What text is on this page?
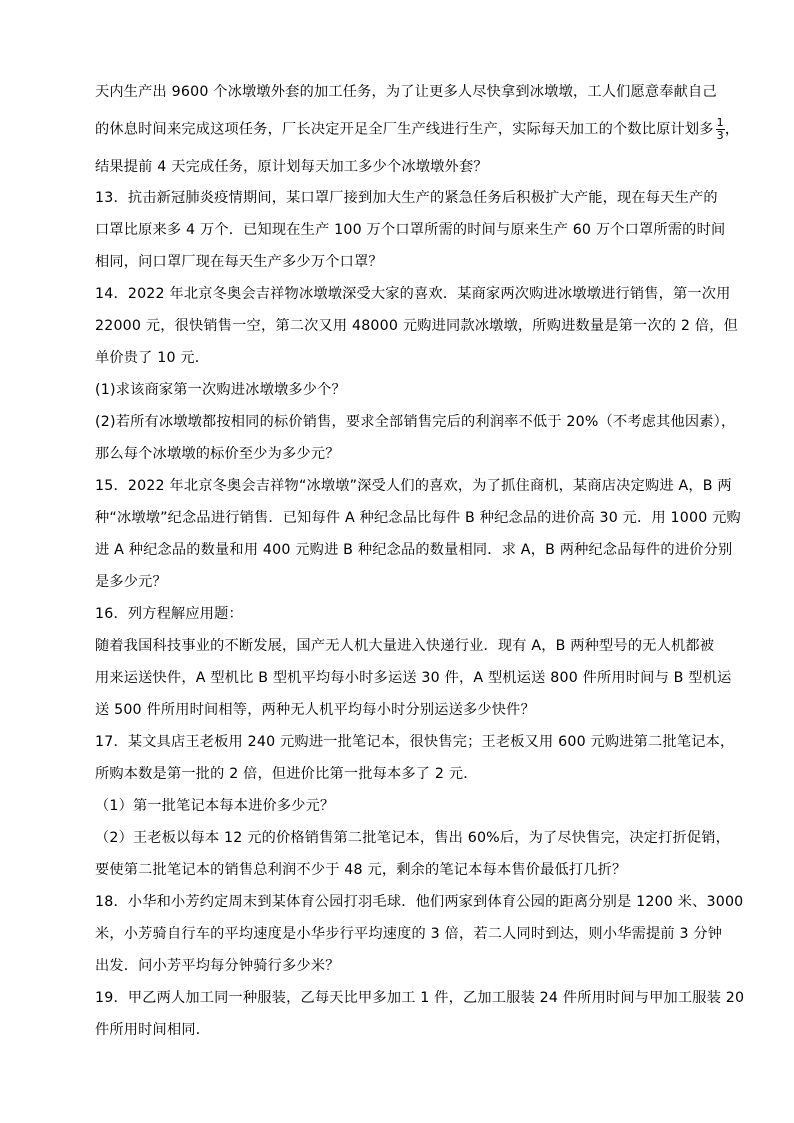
天内生产出 9600 个冰墩墩外套的加工任务，为了让更多人尽快拿到冰墩墩，工人们愿意奉献自己
的休息时间来完成这项任务，厂长决定开足全厂生产线进行生产，实际每天加工的个数比原计划多 $\frac{1}{3}$ ，
结果提前 4 天完成任务，原计划每天加工多少个冰墩墩外套？
13．抗击新冠肺炎疫情期间，某口罩厂接到加大生产的紧急任务后积极扩大产能，现在每天生产的
口罩比原来多 4 万个．已知现在生产 100 万个口罩所需的时间与原来生产 60 万个口罩所需的时间
相同，问口罩厂现在每天生产多少万个口罩？
14．2022 年北京冬奥会吉祥物冰墩墩深受大家的喜欢．某商家两次购进冰墩墩进行销售，第一次用
22000 元，很快销售一空，第二次又用 48000 元购进同款冰墩墩，所购进数量是第一次的 2 倍，但
单价贵了 10 元．
(1)求该商家第一次购进冰墩墩多少个？
(2)若所有冰墩墩都按相同的标价销售，要求全部销售完后的利润率不低于 20%（不考虑其他因素），
那么每个冰墩墩的标价至少为多少元？
15．2022 年北京冬奥会吉祥物“冰墩墩”深受人们的喜欢，为了抓住商机，某商店决定购进 A，B 两
种“冰墩墩”纪念品进行销售．已知每件 A 种纪念品比每件 B 种纪念品的进价高 30 元．用 1000 元购
进 A 种纪念品的数量和用 400 元购进 B 种纪念品的数量相同．求 A，B 两种纪念品每件的进价分别
是多少元？
16．列方程解应用题：
随着我国科技事业的不断发展，国产无人机大量进入快递行业．现有 A，B 两种型号的无人机都被
用来运送快件，A 型机比 B 型机平均每小时多运送 30 件，A 型机运送 800 件所用时间与 B 型机运
送 500 件所用时间相等，两种无人机平均每小时分别运送多少快件？
17．某文具店王老板用 240 元购进一批笔记本，很快售完；王老板又用 600 元购进第二批笔记本，
所购本数是第一批的 2 倍，但进价比第一批每本多了 2 元．
（1）第一批笔记本每本进价多少元？
（2）王老板以每本 12 元的价格销售第二批笔记本，售出 60%后，为了尽快售完，决定打折促销，
要使第二批笔记本的销售总利润不少于 48 元，剩余的笔记本每本售价最低打几折？
18．小华和小芳约定周末到某体育公园打羽毛球．他们两家到体育公园的距离分别是 1200 米、3000
米，小芳骑自行车的平均速度是小华步行平均速度的 3 倍，若二人同时到达，则小华需提前 3 分钟
出发．问小芳平均每分钟骑行多少米？
19．甲乙两人加工同一种服装，乙每天比甲多加工 1 件，乙加工服装 24 件所用时间与甲加工服装 20
件所用时间相同．
